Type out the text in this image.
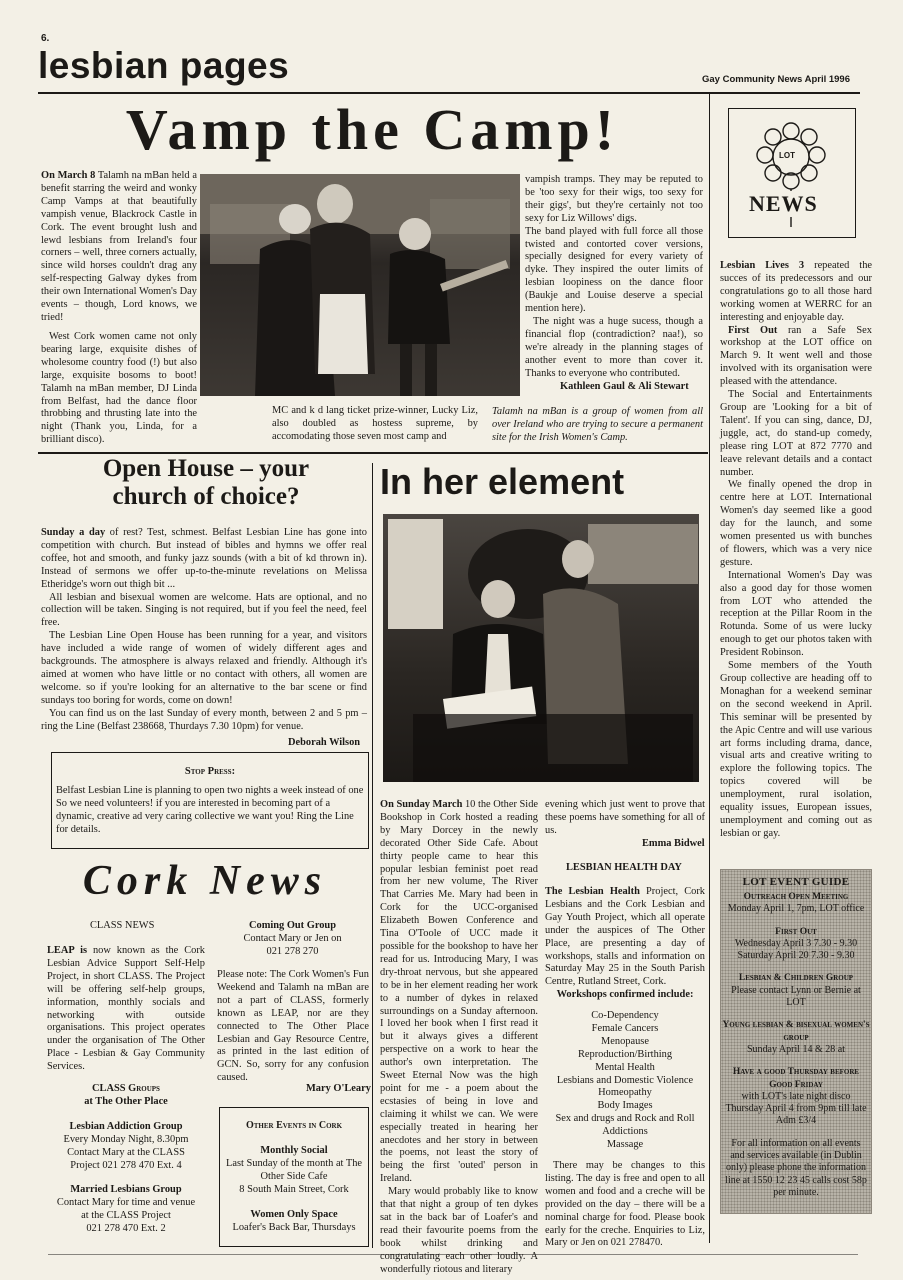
6.
lesbian pages	Gay Community News April 1996
Vamp the Camp!

On March 8 Talamh na mBan held a benefit starring the weird and wonky Camp Vamps at that beautifully vampish venue, Blackrock Castle in Cork. The event brought lush and lewd lesbians from Ireland's four corners – well, three corners actually, since wild horses couldn't drag any self-respecting Galway dykes from their own International Women's Day events – though, Lord knows, we tried!

West Cork women came not only bearing large, exquisite dishes of wholesome country food (!) but also large, exquisite bosoms to boot! Talamh na mBan member, DJ Linda from Belfast, had the dance floor throbbing and thrusting late into the night (Thank you, Linda, for a brilliant disco).

MC and k d lang ticket prize-winner, Lucky Liz, also doubled as hostess supreme, by accomodating those seven most camp and

vampish tramps. They may be reputed to be 'too sexy for their wigs, too sexy for their gigs', but they're certainly not too sexy for Liz Willows' digs.

The band played with full force all those twisted and contorted cover versions, specially designed for every variety of dyke. They inspired the outer limits of lesbian loopiness on the dance floor (Baukje and Louise deserve a special mention here).

The night was a huge sucess, though a financial flop (contradiction? naa!), so we're already in the planning stages of another event to more than cover it. Thanks to everyone who contributed.

Kathleen Gaul & Ali Stewart
Talamh na mBan is a group of women from all over Ireland who are trying to secure a permanent site for the Irish Women's Camp.
LOT
NEWS

Lesbian Lives 3 repeated the succes of its predecessors and our congratulations go to all those hard working women at WERRC for an interesting and enjoyable day.

First Out ran a Safe Sex workshop at the LOT office on March 9. It went well and those involved with its organisation were pleased with the attendance.

The Social and Entertainments Group are 'Looking for a bit of Talent'. If you can sing, dance, DJ, juggle, act, do stand-up comedy, please ring LOT at 872 7770 and leave relevant details and a contact number.

We finally opened the drop in centre here at LOT. International Women's day seemed like a good day for the launch, and some women presented us with bunches of flowers, which was a very nice gesture.

International Women's Day was also a good day for those women from LOT who attended the reception at the Pillar Room in the Rotunda. Some of us were lucky enough to get our photos taken with President Robinson.

Some members of the Youth Group collective are heading off to Monaghan for a weekend seminar on the second weekend in April. This seminar will be presented by the Apic Centre and will use various art forms including drama, dance, visual arts and creative writing to explore the following topics. The topics covered will be unemployment, rural isolation, equality issues, European issues, unemployment and coming out as lesbian or gay.

LOT EVENT GUIDE
Outreach Open Meeting
Monday April 1, 7pm, LOT office
First Out
Wednesday April 3 7.30 - 9.30
Saturday April 20 7.30 - 9.30
Lesbian & Children Group
Please contact Lynn or Bernie at LOT
Young lesbian & bisexual women's group
Sunday April 14 & 28 at
Have a good Thursday before Good Friday
with LOT's late night disco
Thursday April 4 from 9pm till late
Adm £3/4
For all information on all events and services available (in Dublin only) please phone the information line at 1550 12 23 45 calls cost 58p per minute.
Open House – your
church of choice?

Sunday a day of rest? Test, schmest. Belfast Lesbian Line has gone into competition with church. But instead of bibles and hymns we offer real coffee, hot and smooth, and funky jazz sounds (with a bit of kd thrown in). Instead of sermons we offer up-to-the-minute revelations on Melissa Etheridge's worn out thigh bit ...

All lesbian and bisexual women are welcome. Hats are optional, and no collection will be taken. Singing is not required, but if you feel the need, feel free.

The Lesbian Line Open House has been running for a year, and visitors have included a wide range of women of widely different ages and backgrounds. The atmosphere is always relaxed and friendly. Although it's aimed at women who have little or no contact with others, all women are welcome. so if you're looking for an alternative to the bar scene or find sundays too boring for words, come on down!

You can find us on the last Sunday of every month, between 2 and 5 pm – ring the Line (Belfast 238668, Thurdays 7.30 10pm) for venue.

Deborah Wilson
Stop Press:
Belfast Lesbian Line is planning to open two nights a week instead of one So we need volunteers! if you are interested in becoming part of a dynamic, creative ad very caring collective we want you! Ring the Line for details.
In her element

On Sunday March 10 the Other Side Bookshop in Cork hosted a reading by Mary Dorcey in the newly decorated Other Side Cafe. About thirty people came to hear this popular lesbian feminist poet read from her new volume, The River That Carries Me. Mary had been in Cork for the UCC-organised Elizabeth Bowen Conference and Tina O'Toole of UCC made it possible for the bookshop to have her read for us. Introducing Mary, I was dry-throat nervous, but she appeared to be in her element reading her work to a number of dykes in relaxed surroundings on a Sunday afternoon. I loved her book when I first read it but it always gives a different perspective on a work to hear the author's own interpretation. The Sweet Eternal Now was the high point for me - a poem about the ecstasies of being in love and claiming it whilst we can. We were especially treated in hearing her anecdotes and her story in between the poems, not least the story of being the first 'outed' person in Ireland.

Mary would probably like to know that that night a group of ten dykes sat in the back bar of Loafer's and read their favourite poems from the book whilst drinking and congratulating each other loudly. A wonderfully riotous and literary

evening which just went to prove that these poems have something for all of us.

Emma Bidwel
LESBIAN HEALTH DAY

The Lesbian Health Project, Cork Lesbians and the Cork Lesbian and Gay Youth Project, which all operate under the auspices of The Other Place, are presenting a day of workshops, stalls and information on Saturday May 25 in the South Parish Centre, Rutland Street, Cork.

Workshops confirmed include:

Co-Dependency
Female Cancers
Menopause
Reproduction/Birthing
Mental Health
Lesbians and Domestic Violence
Homeopathy
Body Images
Sex and drugs and Rock and Roll
Addictions
Massage

There may be changes to this listing. The day is free and open to all women and food and a creche will be provided on the day – there will be a nominal charge for food. Please book early for the creche. Enquiries to Liz, Mary or Jen on 021 278470.

Cork News
CLASS NEWS

LEAP is now known as the Cork Lesbian Advice Support Self-Help Project, in short CLASS. The Project will be offering self-help groups, information, monthly socials and networking with outside organisations. This project operates under the organisation of The Other Place - Lesbian & Gay Community Services.

CLASS Groups
at The Other Place
Lesbian Addiction Group
Every Monday Night, 8.30pm
Contact Mary at the CLASS
Project 021 278 470 Ext. 4
Married Lesbians Group
Contact Mary for time and venue
at the CLASS Project
021 278 470 Ext. 2
Coming Out Group
Contact Mary or Jen on
021 278 270

Please note: The Cork Women's Fun Weekend and Talamh na mBan are not a part of CLASS, formerly known as LEAP, nor are they connected to The Other Place Lesbian and Gay Resource Centre, as printed in the last edition of GCN. So, sorry for any confusion caused.

Mary O'Leary
Other Events in Cork
Monthly Social
Last Sunday of the month at The
Other Side Cafe
8 South Main Street, Cork
Women Only Space
Loafer's Back Bar, Thursdays
